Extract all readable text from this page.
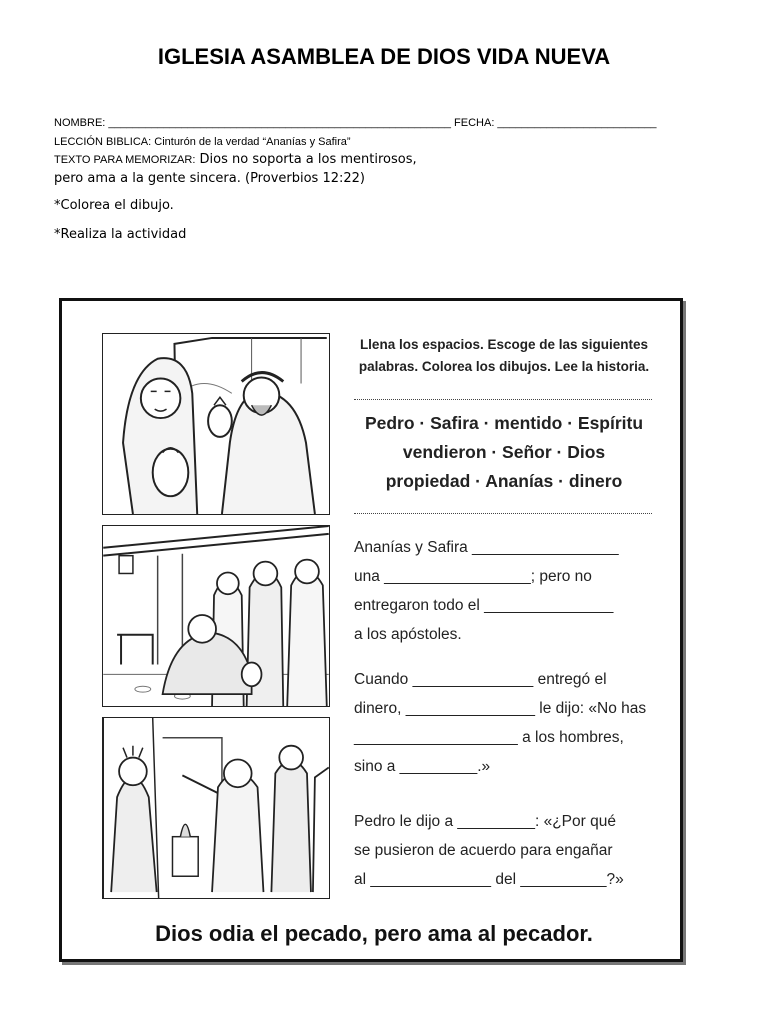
IGLESIA ASAMBLEA DE DIOS VIDA NUEVA
NOMBRE: ________________________________________________________ FECHA: __________________________
LECCIÓN BIBLICA: Cinturón de la verdad “Ananías y Safira”
TEXTO PARA MEMORIZAR: Dios no soporta a los mentirosos,
pero ama a la gente sincera. (Proverbios 12:22)
*Colorea el dibujo.
*Realiza la actividad
Llena los espacios. Escoge de las siguientes
palabras. Colorea los dibujos. Lee la historia.
Pedro · Safira · mentido · Espíritu
vendieron · Señor · Dios
propiedad · Ananías · dinero
Ananías y Safira _________________
una _________________; pero no
entregaron todo el _______________
a los apóstoles.
Cuando ______________ entregó el
dinero, _______________ le dijo: «No has
___________________ a los hombres,
sino a _________.»
Pedro le dijo a _________: «¿Por qué
se pusieron de acuerdo para engañar
al ______________ del __________?»
Dios odia el pecado, pero ama al pecador.
